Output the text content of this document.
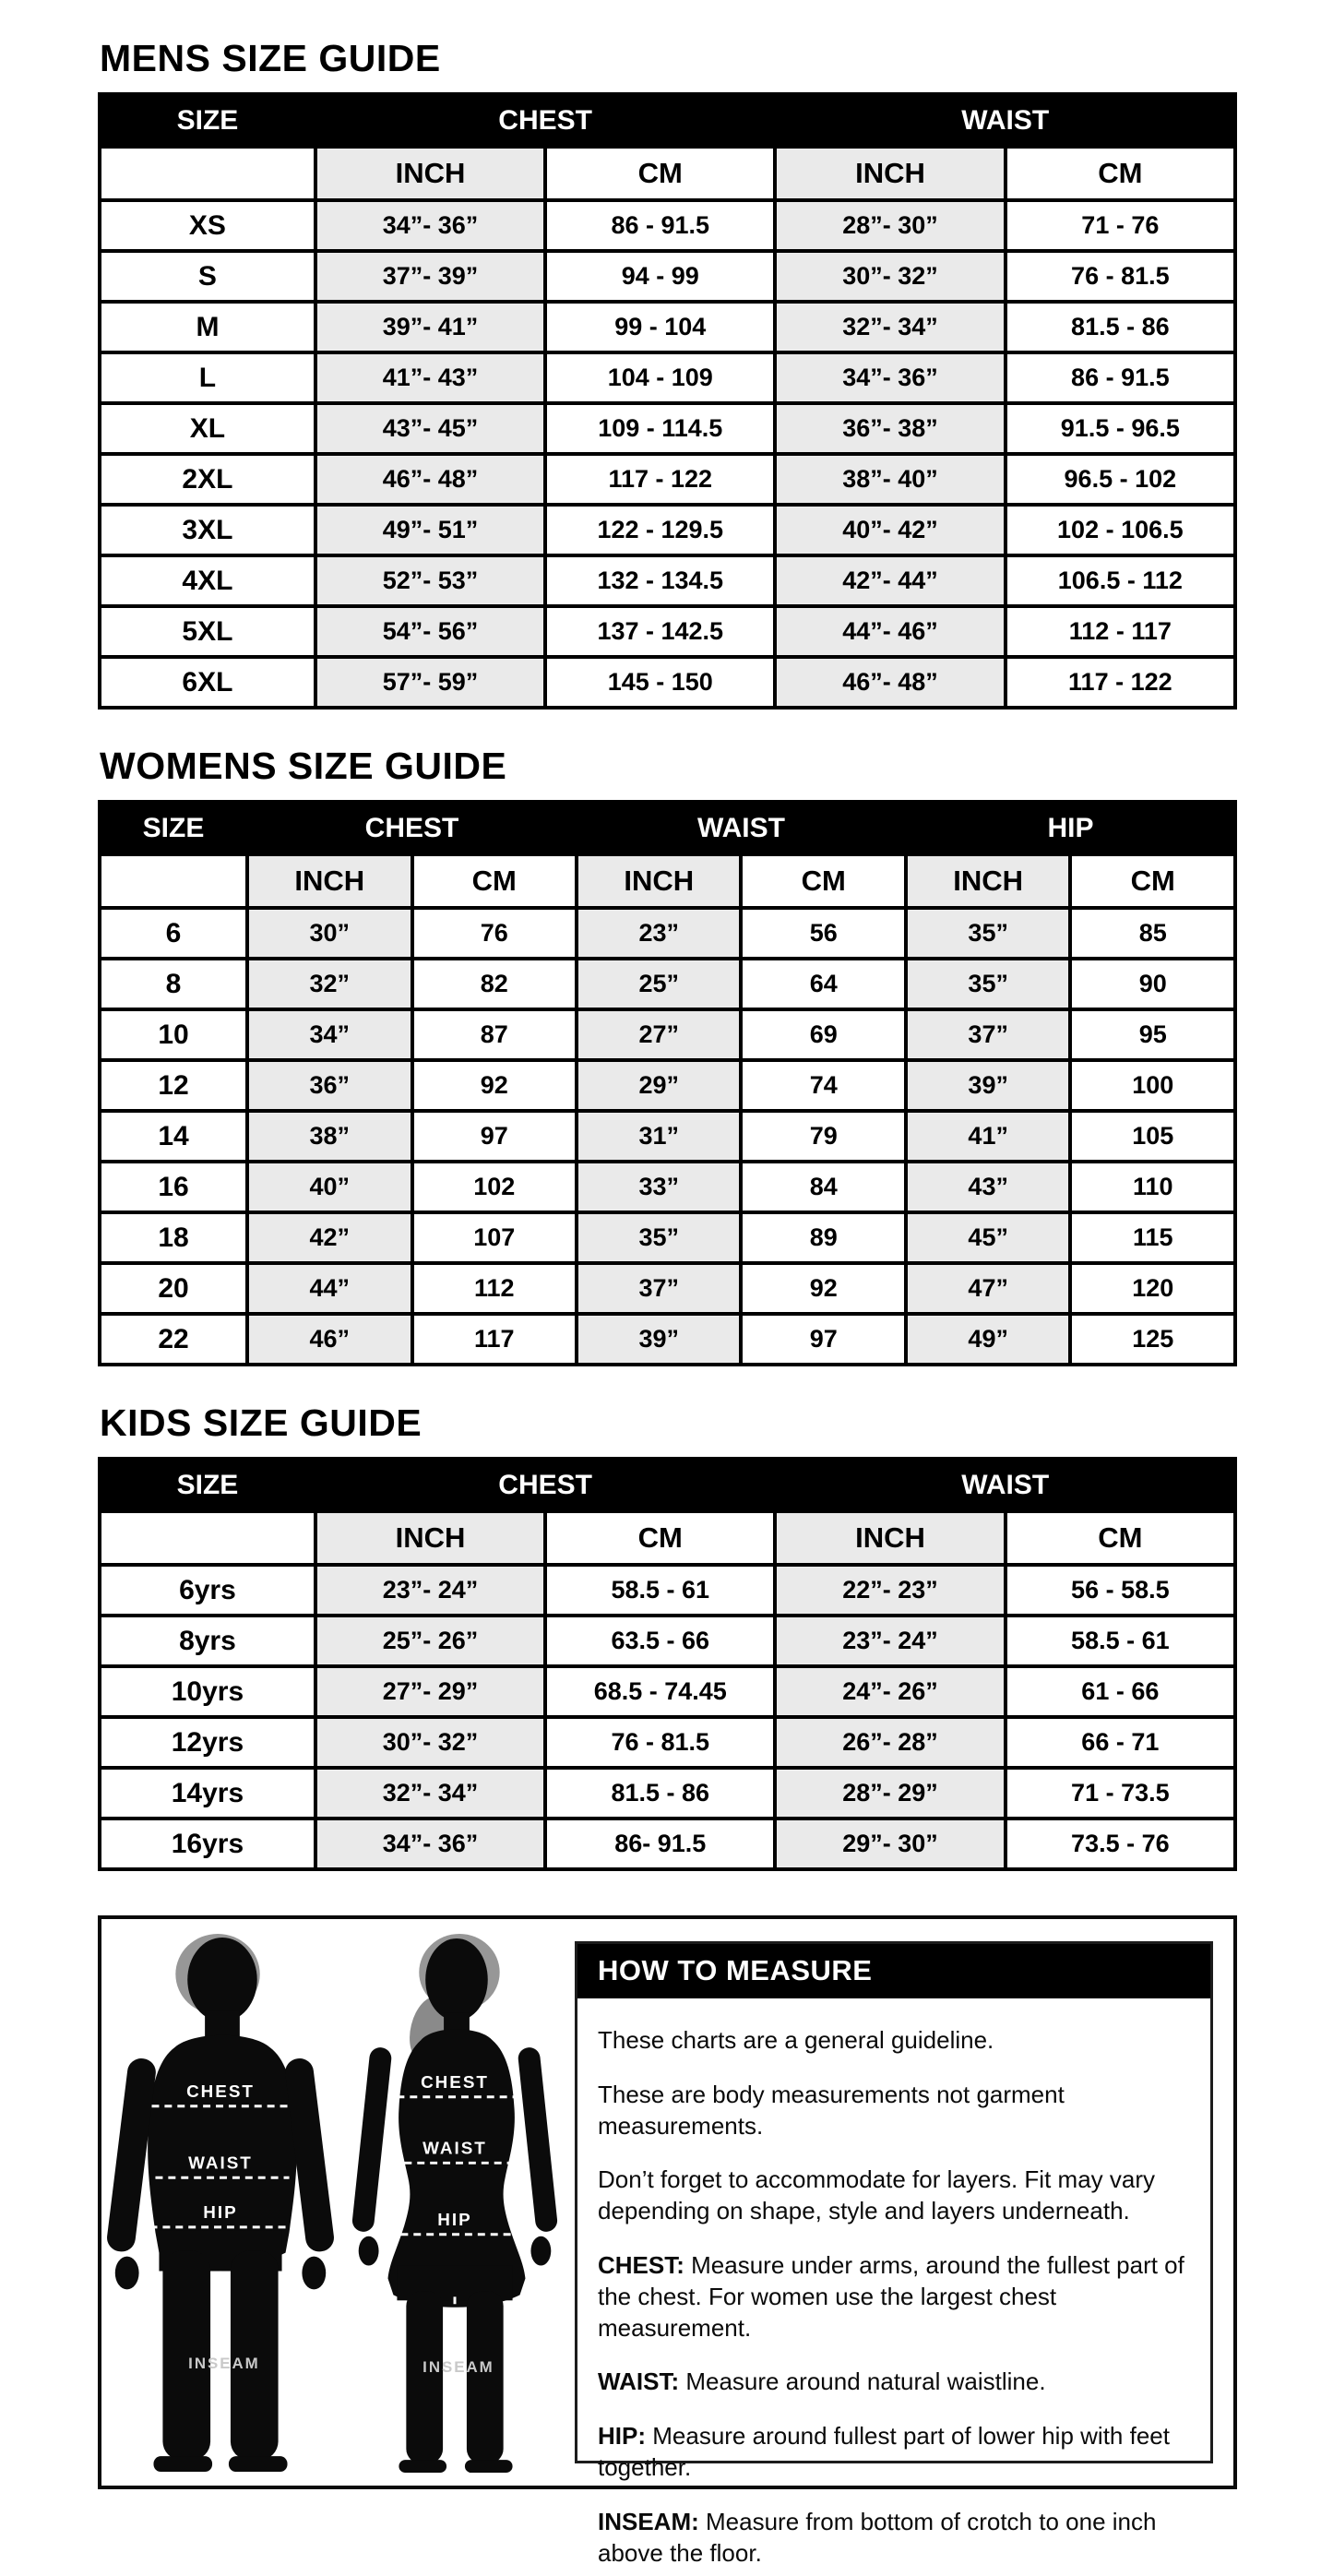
MENS SIZE GUIDE
SIZE	CHEST		WAIST	
	INCH	CM	INCH	CM
XS	34”- 36”	86 - 91.5	28”- 30”	71 - 76
S	37”- 39”	94 - 99	30”- 32”	76 - 81.5
M	39”- 41”	99 - 104	32”- 34”	81.5 - 86
L	41”- 43”	104 - 109	34”- 36”	86 - 91.5
XL	43”- 45”	109 - 114.5	36”- 38”	91.5 - 96.5
2XL	46”- 48”	117 - 122	38”- 40”	96.5 - 102
3XL	49”- 51”	122 - 129.5	40”- 42”	102 - 106.5
4XL	52”- 53”	132 - 134.5	42”- 44”	106.5 - 112
5XL	54”- 56”	137 - 142.5	44”- 46”	112 - 117
6XL	57”- 59”	145 - 150	46”- 48”	117 - 122
WOMENS SIZE GUIDE
SIZE	CHEST		WAIST		HIP	
	INCH	CM	INCH	CM	INCH	CM
6	30”	76	23”	56	35”	85
8	32”	82	25”	64	35”	90
10	34”	87	27”	69	37”	95
12	36”	92	29”	74	39”	100
14	38”	97	31”	79	41”	105
16	40”	102	33”	84	43”	110
18	42”	107	35”	89	45”	115
20	44”	112	37”	92	47”	120
22	46”	117	39”	97	49”	125
KIDS SIZE GUIDE
SIZE	CHEST		WAIST	
	INCH	CM	INCH	CM
6yrs	23”- 24”	58.5 - 61	22”- 23”	56 - 58.5
8yrs	25”- 26”	63.5 - 66	23”- 24”	58.5 - 61
10yrs	27”- 29”	68.5 - 74.45	24”- 26”	61 - 66
12yrs	30”- 32”	76 - 81.5	26”- 28”	66 - 71
14yrs	32”- 34”	81.5 - 86	28”- 29”	71 - 73.5
16yrs	34”- 36”	86- 91.5	29”- 30”	73.5 - 76
CHEST
WAIST
HIP
INSEAM
CHEST
WAIST
HIP
INSEAM
HOW TO MEASURE

These charts are a general guideline.

These are body measurements not garment measurements.

Don’t forget to accommodate for layers. Fit may vary depending on shape, style and layers underneath.

CHEST: Measure under arms, around the fullest part of the chest. For women use the largest chest measurement.

WAIST: Measure around natural waistline.

HIP: Measure around fullest part of lower hip with feet together.

INSEAM: Measure from bottom of crotch to one inch above the floor.
